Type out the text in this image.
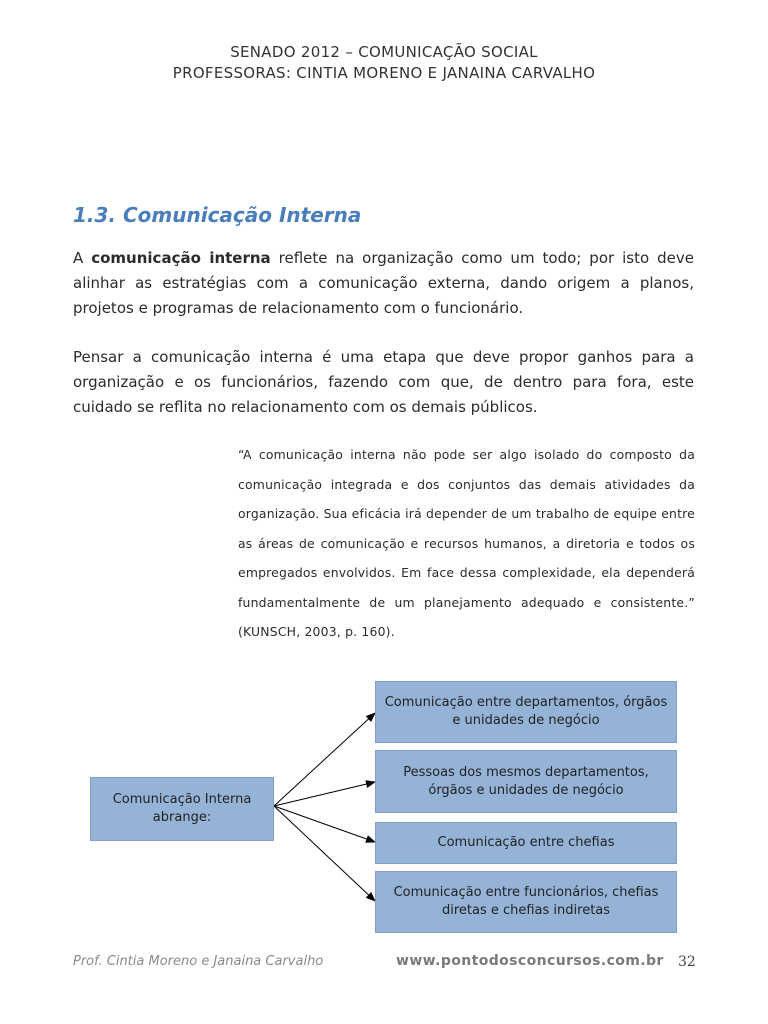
SENADO 2012 – COMUNICAÇÃO SOCIAL
PROFESSORAS: CINTIA MORENO E JANAINA CARVALHO
1.3. Comunicação Interna
A comunicação interna reflete na organização como um todo; por isto deve alinhar as estratégias com a comunicação externa, dando origem a planos, projetos e programas de relacionamento com o funcionário.
Pensar a comunicação interna é uma etapa que deve propor ganhos para a organização e os funcionários, fazendo com que, de dentro para fora, este cuidado se reflita no relacionamento com os demais públicos.
“A comunicação interna não pode ser algo isolado do composto da comunicação integrada e dos conjuntos das demais atividades da organização. Sua eficácia irá depender de um trabalho de equipe entre as áreas de comunicação e recursos humanos, a diretoria e todos os empregados envolvidos. Em face dessa complexidade, ela dependerá fundamentalmente de um planejamento adequado e consistente.” (KUNSCH, 2003, p. 160).
Comunicação Interna abrange:
Comunicação entre departamentos, órgãos e unidades de negócio
Pessoas dos mesmos departamentos, órgãos e unidades de negócio
Comunicação entre chefias
Comunicação entre funcionários, chefias diretas e chefias indiretas
Prof. Cintia Moreno e Janaina Carvalho	www.pontodosconcursos.com.br 32
